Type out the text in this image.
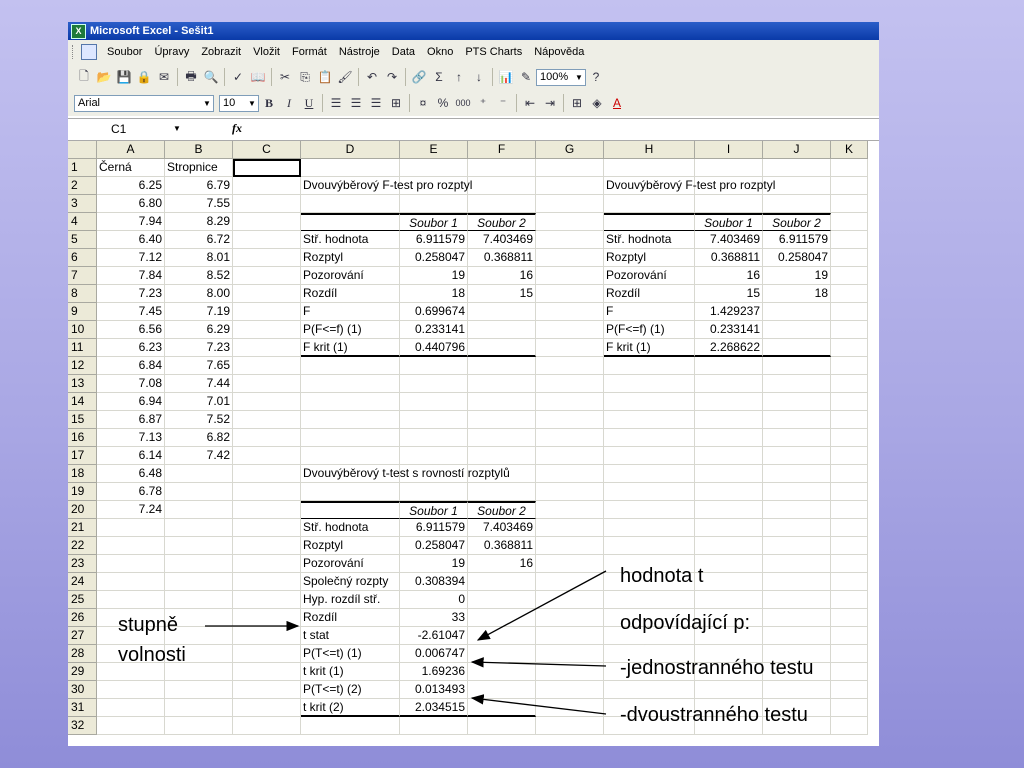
X Microsoft Excel - Sešit1
Soubor	Úpravy	Zobrazit	Vložit	Formát	Nástroje	Data	Okno	PTS Charts	Nápověda
🗋 📂 💾 🔒 ✉	🖶 🔍	✓ 📖	✂ ⎘ 📋 🖌	↶ ↷	🔗 Σ	↑	↓	📊 ✎ 100% ▼ ?
Arial	▼ 10 ▼ B	I	U	☰ ☰ ☰ ⊞	¤ % 000 ⁺	⁻	⇤ ⇥	⊞ ◈ A
C1	▼	fx
A	B	C	D	E	F	G	H	I	J	K
1
2
3
4
5
6
7
8
9
10
11
12
13
14
15
16
17
18
19
20
21
22
23
24
25
26
27
28
29
30
31
32
Černá
6.25
6.80
7.94
6.40
7.12
7.84
7.23
7.45
6.56
6.23
6.84
7.08
6.94
6.87
7.13
6.14
6.48
6.78
7.24
Stropnice
6.79
7.55
8.29
6.72
8.01
8.52
8.00
7.19
6.29
7.23
7.65
7.44
7.01
7.52
6.82
7.42
Dvouvýběrový F-test pro rozptyl
Soubor 1	Soubor 2
Stř. hodnota	6.911579	7.403469
Rozptyl	0.258047	0.368811
Pozorování	19	16
Rozdíl	18	15
F	0.699674
P(F<=f) (1)	0.233141
F krit (1)	0.440796
Dvouvýběrový F-test pro rozptyl
Soubor 1	Soubor 2
Stř. hodnota	7.403469	6.911579
Rozptyl	0.368811	0.258047
Pozorování	16	19
Rozdíl	15	18
F	1.429237
P(F<=f) (1)	0.233141
F krit (1)	2.268622
Dvouvýběrový t-test s rovností rozptylů
Soubor 1	Soubor 2
Stř. hodnota	6.911579	7.403469
Rozptyl	0.258047	0.368811
Pozorování	19	16
Společný rozpty	0.308394
Hyp. rozdíl stř.	0
Rozdíl	33
t stat	-2.61047
P(T<=t) (1)	0.006747
t krit (1)	1.69236
P(T<=t) (2)	0.013493
t krit (2)	2.034515
stupně
volnosti
hodnota t
odpovídající p:
-jednostranného testu
-dvoustranného testu
